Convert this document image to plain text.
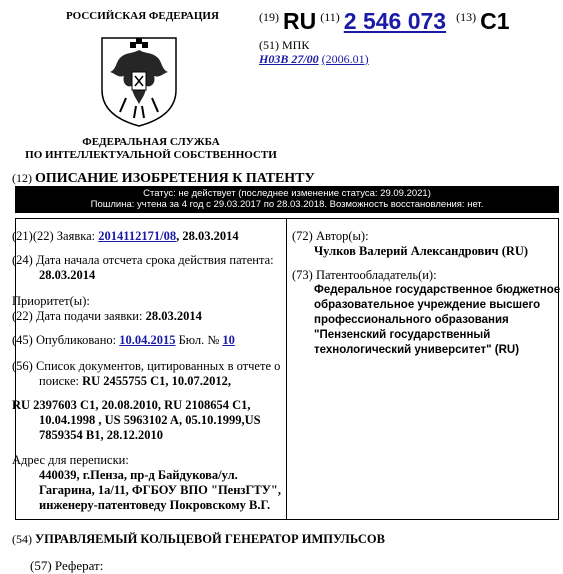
РОССИЙСКАЯ ФЕДЕРАЦИЯ
ФЕДЕРАЛЬНАЯ СЛУЖБА
ПО ИНТЕЛЛЕКТУАЛЬНОЙ СОБСТВЕННОСТИ
$^{(19)}$ RU $^{(11)}$ 2 546 073 $^{(13)}$ C1
(51) МПК
H03B 27/00 (2006.01)
(12) ОПИСАНИЕ ИЗОБРЕТЕНИЯ К ПАТЕНТУ
Статус: не действует (последнее изменение статуса: 29.09.2021)
Пошлина: учтена за 4 год с 29.03.2017 по 28.03.2018. Возможность восстановления: нет.
(21)(22) Заявка: 2014112171/08, 28.03.2014
(24) Дата начала отсчета срока действия патента:
28.03.2014
Приоритет(ы):
(22) Дата подачи заявки: 28.03.2014
(45) Опубликовано: 10.04.2015 Бюл. № 10
(56) Список документов, цитированных в отчете о
поиске: RU 2455755 C1, 10.07.2012,
RU 2397603 C1, 20.08.2010, RU 2108654 C1,
10.04.1998 , US 5963102 A, 05.10.1999,US
7859354 B1, 28.12.2010
Адрес для переписки:
440039, г.Пенза, пр-д Байдукова/ул.
Гагарина, 1а/11, ФГБОУ ВПО "ПензГТУ",
инженеру-патентоведу Покровскому В.Г.
(72) Автор(ы):
Чулков Валерий Александрович (RU)
(73) Патентообладатель(и):
Федеральное государственное бюджетное
образовательное учреждение высшего
профессионального образования
"Пензенский государственный
технологический университет" (RU)
(54) УПРАВЛЯЕМЫЙ КОЛЬЦЕВОЙ ГЕНЕРАТОР ИМПУЛЬСОВ
(57) Реферат:
